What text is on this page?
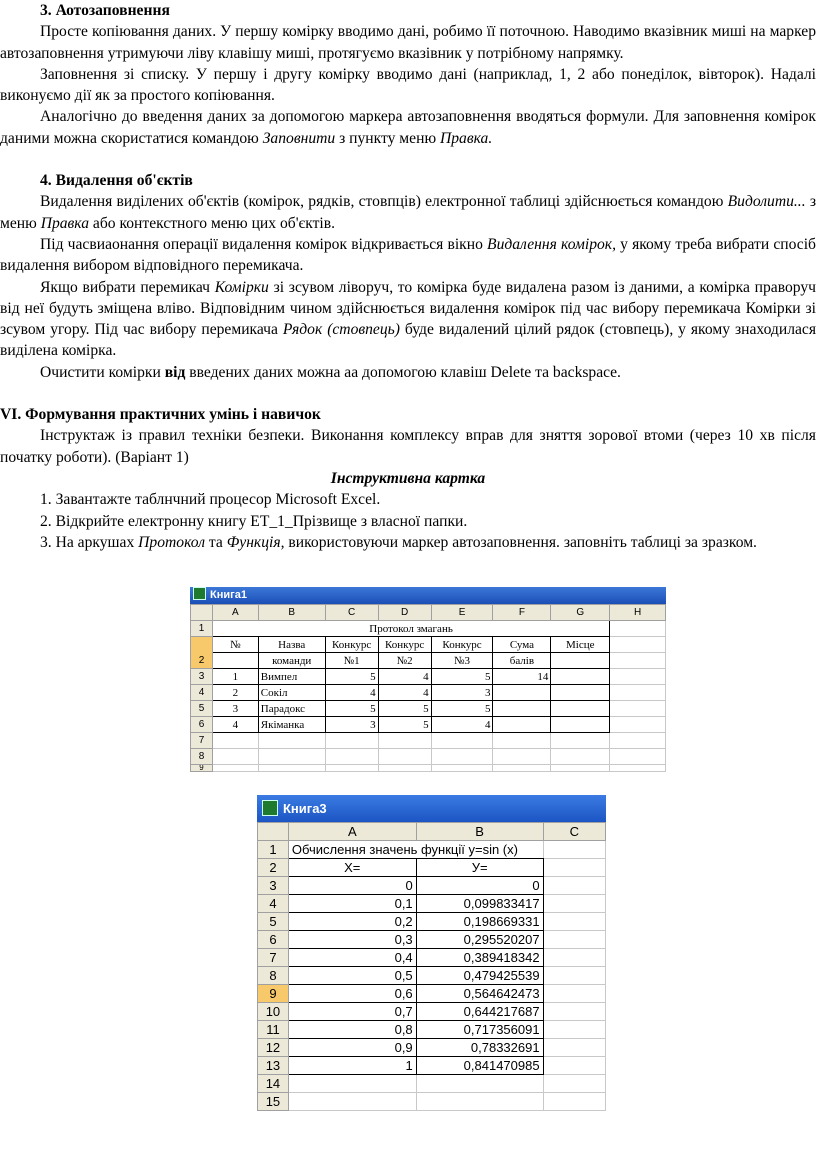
3. Аотозаповнення

Просте копіювання даних. У першу комірку вводимо дані, робимо її поточною. Наводимо вказівник миші на маркер автозаповнення утримуючи ліву клавішу миші, протягуємо вказівник у потрібному напрямку.

Заповнення зі списку. У першу і другу комірку вводимо дані (наприклад, 1, 2 або понеділок, вівторок). Надалі виконуємо дії як за простого копіювання.

Аналогічно до введення даних за допомогою маркера автозаповнення вводяться формули. Для заповнення комірок даними можна скористатися командою Заповнити з пункту меню Правка.

4. Видалення об'єктів

Видалення виділених об'єктів (комірок, рядків, стовпців) електронної таблиці здійснюється командою Видолити... з меню Правка або контекстного меню цих об'єктів.

Під часвиаонання операції видалення комірок відкривається вікно Видалення комірок, у якому треба вибрати спосіб видалення вибором відповідного перемикача.

Якщо вибрати перемикач Комірки зі зсувом ліворуч, то комірка буде видалена разом із даними, а комірка праворуч від неї будуть зміщена вліво. Відповідним чином здійснюється видалення комірок під час вибору перемикача Комірки зі зсувом угору. Під час вибору перемикача Рядок (стовпець) буде видалений цілий рядок (стовпець), у якому знаходилася виділена комірка.

Очистити комірки від введених даних можна аа допомогою клавіш Delete та backspace.

VI. Формування практичних умінь і навичок

Інструктаж із правил техніки безпеки. Виконання комплексу вправ для зняття зорової втоми (через 10 хв після початку роботи). (Варіант 1)

Інструктивна картка

1. Завантажте таблнчний процесор Microsoft Excel.

2. Відкрийте електронну книгу ЕТ_1_Прізвище з власної папки.

3. На аркушах Протокол та Функція, використовуючи маркер автозаповнення. заповніть таблиці за зразком.

Книга1
	A	B	C	D	E	F	G	H
1	Протокол змагань							
2	№	Назва	Конкурс	Конкурс	Конкурс	Сума	Місце	
		команди	№1	№2	№3	балів		
3	1	Вимпел	5	4	5	14		
4	2	Сокіл	4	4	3			
5	3	Парадокс	5	5	5			
6	4	Якіманка	3	5	4			
7								
8								
9								
Книга3
	A	B	C
1	Обчислення значень функції y=sin (x)		
2	X=	У=	
3	0	0	
4	0,1	0,099833417	
5	0,2	0,198669331	
6	0,3	0,295520207	
7	0,4	0,389418342	
8	0,5	0,479425539	
9	0,6	0,564642473	
10	0,7	0,644217687	
11	0,8	0,717356091	
12	0,9	0,78332691	
13	1	0,841470985	
14			
15			
